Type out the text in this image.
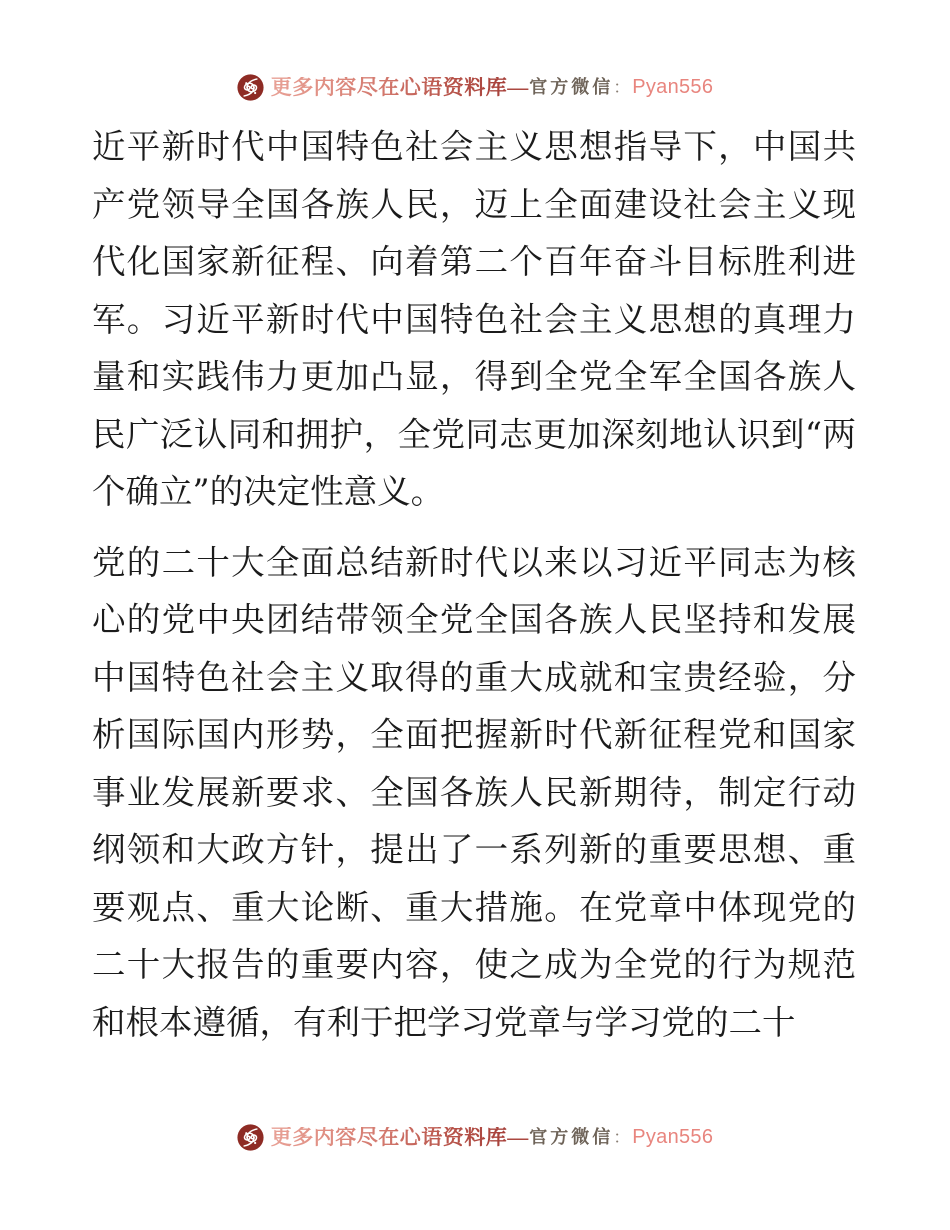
更多内容尽在心语资料库 — 官方微信 ： Pyan556

近平新时代中国特色社会主义思想指导下，中国共产党领导全国各族人民，迈上全面建设社会主义现代化国家新征程、向着第二个百年奋斗目标胜利进军。习近平新时代中国特色社会主义思想的真理力量和实践伟力更加凸显，得到全党全军全国各族人民广泛认同和拥护，全党同志更加深刻地认识到“两个确立”的决定性意义。

党的二十大全面总结新时代以来以习近平同志为核心的党中央团结带领全党全国各族人民坚持和发展中国特色社会主义取得的重大成就和宝贵经验，分析国际国内形势，全面把握新时代新征程党和国家事业发展新要求、全国各族人民新期待，制定行动纲领和大政方针，提出了一系列新的重要思想、重要观点、重大论断、重大措施。在党章中体现党的二十大报告的重要内容，使之成为全党的行为规范和根本遵循，有利于把学习党章与学习党的二十

更多内容尽在心语资料库 — 官方微信 ： Pyan556
